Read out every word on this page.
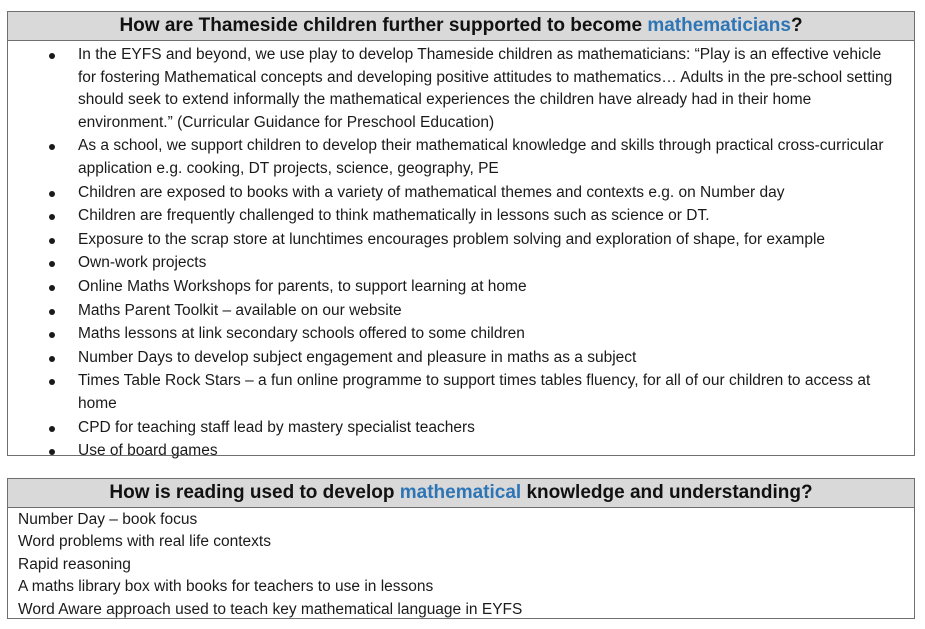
How are Thameside children further supported to become mathematicians?
In the EYFS and beyond, we use play to develop Thameside children as mathematicians: “Play is an effective vehicle for fostering Mathematical concepts and developing positive attitudes to mathematics… Adults in the pre-school setting should seek to extend informally the mathematical experiences the children have already had in their home environment.” (Curricular Guidance for Preschool Education)
As a school, we support children to develop their mathematical knowledge and skills through practical cross-curricular application e.g. cooking, DT projects, science, geography, PE
Children are exposed to books with a variety of mathematical themes and contexts e.g. on Number day
Children are frequently challenged to think mathematically in lessons such as science or DT.
Exposure to the scrap store at lunchtimes encourages problem solving and exploration of shape, for example
Own-work projects
Online Maths Workshops for parents, to support learning at home
Maths Parent Toolkit – available on our website
Maths lessons at link secondary schools offered to some children
Number Days to develop subject engagement and pleasure in maths as a subject
Times Table Rock Stars – a fun online programme to support times tables fluency, for all of our children to access at home
CPD for teaching staff lead by mastery specialist teachers
Use of board games
How is reading used to develop mathematical knowledge and understanding?
Number Day – book focus
Word problems with real life contexts
Rapid reasoning
A maths library box with books for teachers to use in lessons
Word Aware approach used to teach key mathematical language in EYFS
